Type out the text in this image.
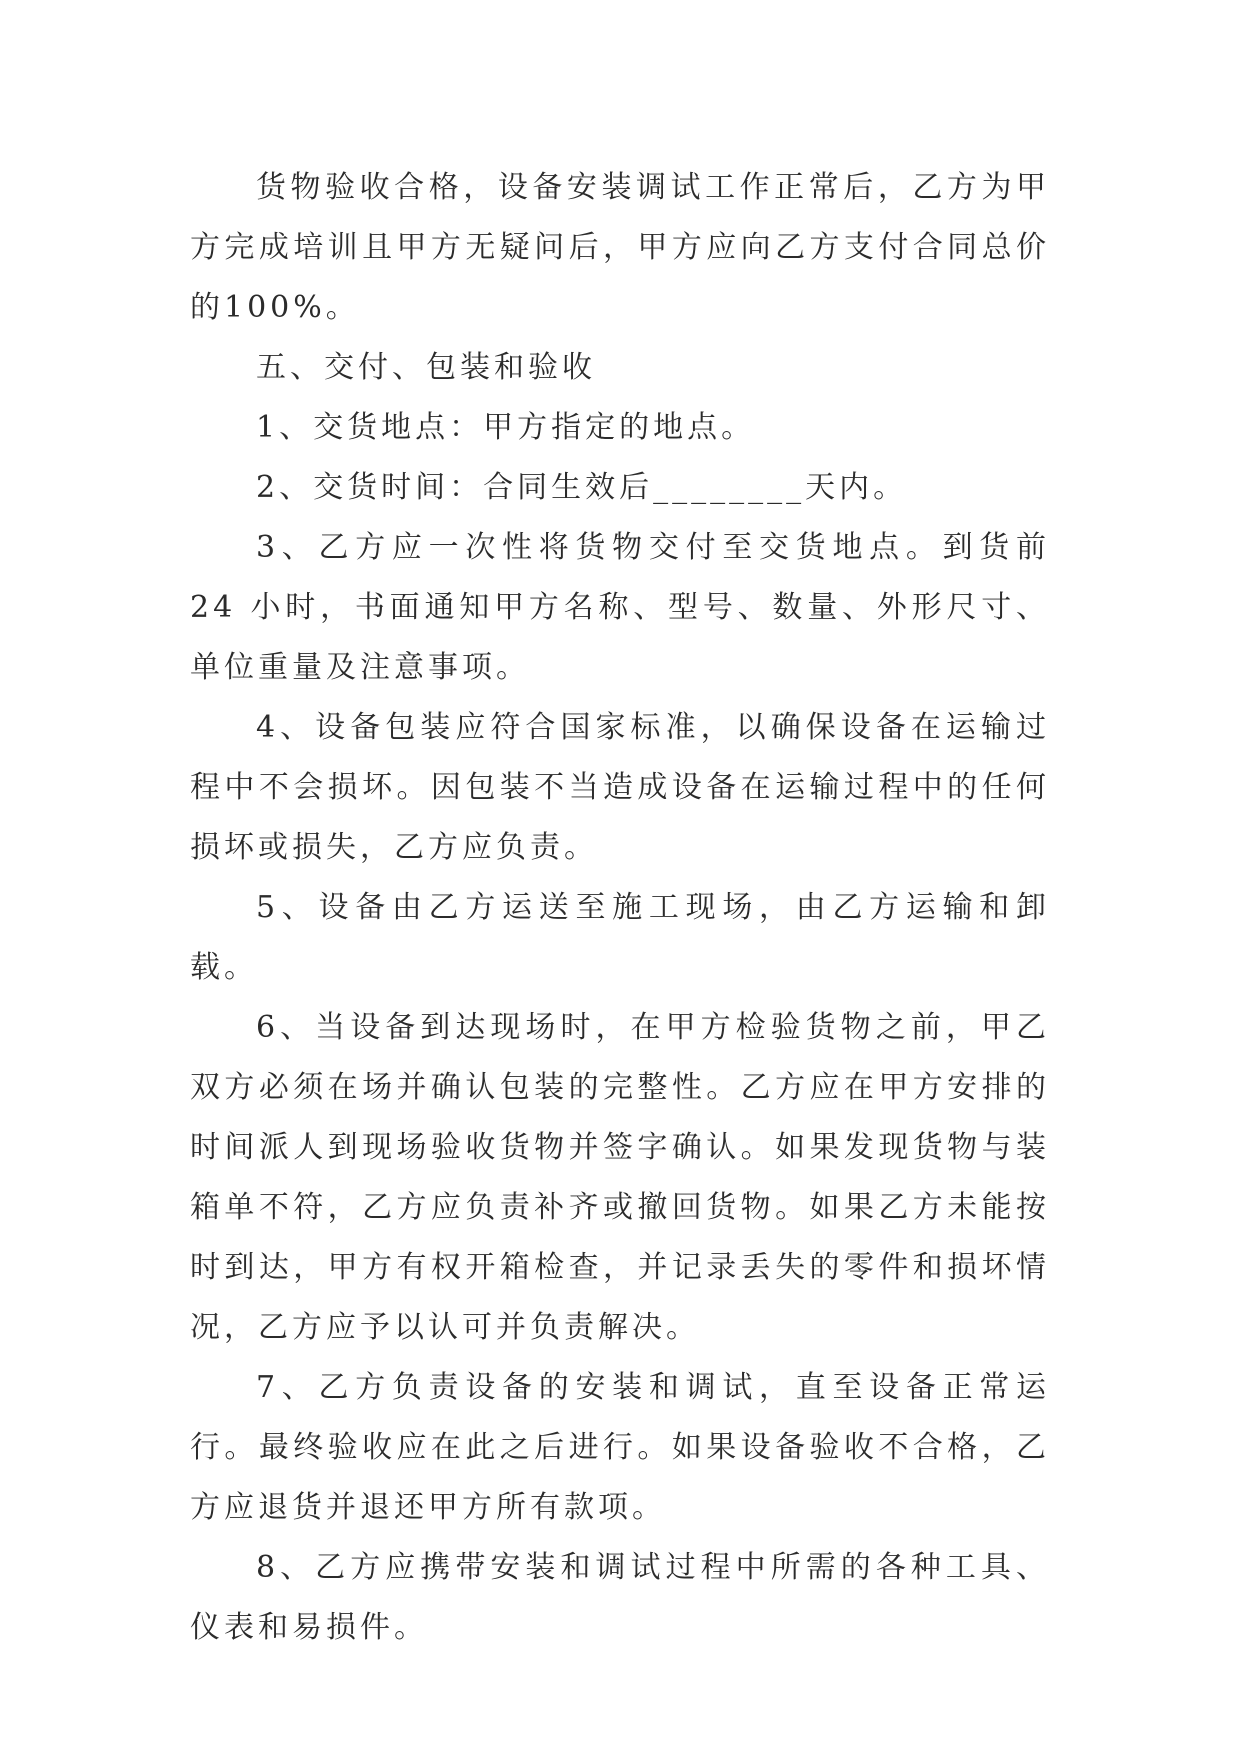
货物验收合格，设备安装调试工作正常后，乙方为甲方完成培训且甲方无疑问后，甲方应向乙方支付合同总价的100%。

五、交付、包装和验收

1、交货地点：甲方指定的地点。

2、交货时间：合同生效后________天内。

3、乙方应一次性将货物交付至交货地点。到货前 24 小时，书面通知甲方名称、型号、数量、外形尺寸、单位重量及注意事项。

4、设备包装应符合国家标准，以确保设备在运输过程中不会损坏。因包装不当造成设备在运输过程中的任何损坏或损失，乙方应负责。

5、设备由乙方运送至施工现场，由乙方运输和卸载。

6、当设备到达现场时，在甲方检验货物之前，甲乙双方必须在场并确认包装的完整性。乙方应在甲方安排的时间派人到现场验收货物并签字确认。如果发现货物与装箱单不符，乙方应负责补齐或撤回货物。如果乙方未能按时到达，甲方有权开箱检查，并记录丢失的零件和损坏情况，乙方应予以认可并负责解决。

7、乙方负责设备的安装和调试，直至设备正常运行。最终验收应在此之后进行。如果设备验收不合格，乙方应退货并退还甲方所有款项。

8、乙方应携带安装和调试过程中所需的各种工具、仪表和易损件。
